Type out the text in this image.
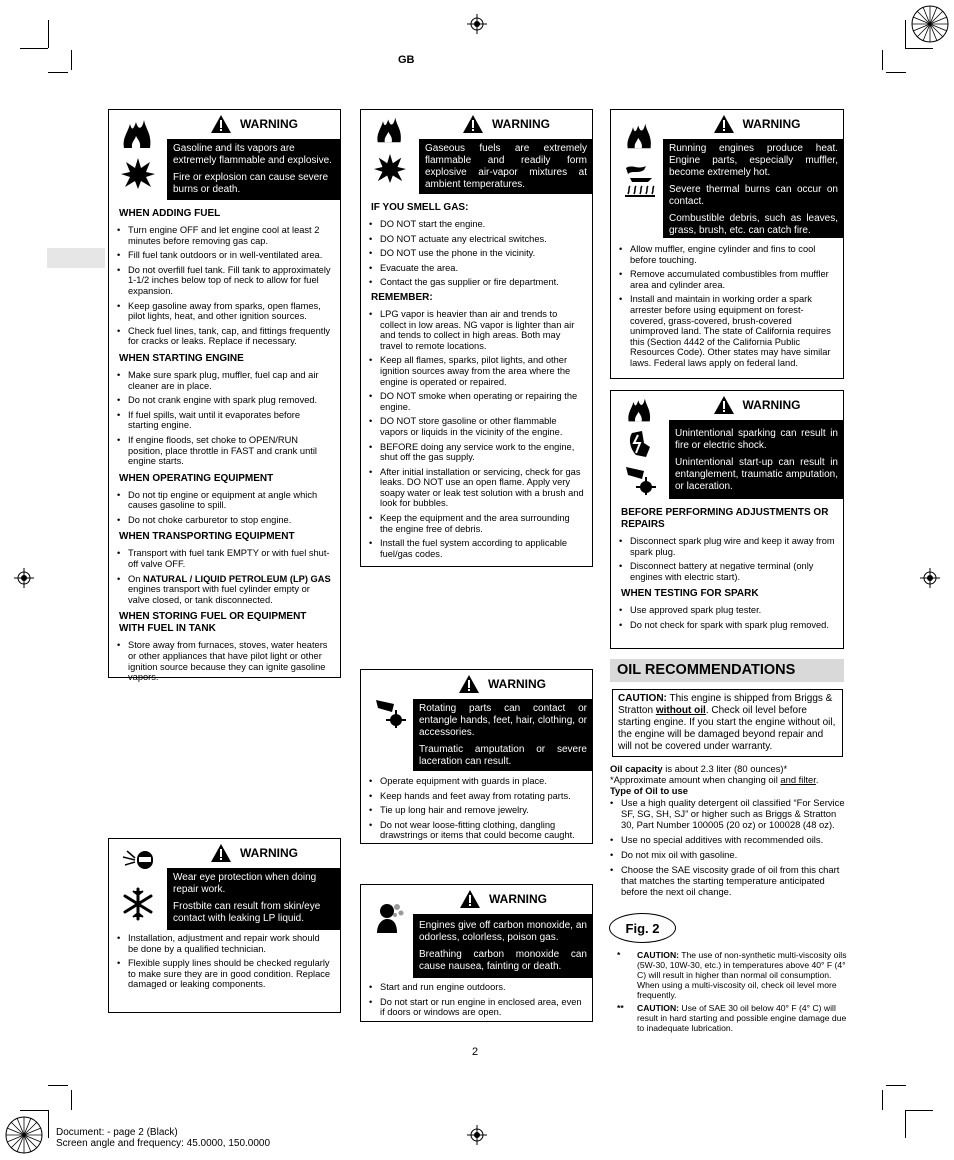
GB
WARNING

Gasoline and its vapors are extremely flammable and explosive.

Fire or explosion can cause severe burns or death.

WHEN ADDING FUEL
• Turn engine OFF and let engine cool at least 2 minutes before removing gas cap.
• Fill fuel tank outdoors or in well-ventilated area.
• Do not overfill fuel tank. Fill tank to approximately 1-1/2 inches below top of neck to allow for fuel expansion.
• Keep gasoline away from sparks, open flames, pilot lights, heat, and other ignition sources.
• Check fuel lines, tank, cap, and fittings frequently for cracks or leaks. Replace if necessary.
WHEN STARTING ENGINE
• Make sure spark plug, muffler, fuel cap and air cleaner are in place.
• Do not crank engine with spark plug removed.
• If fuel spills, wait until it evaporates before starting engine.
• If engine floods, set choke to OPEN/RUN position, place throttle in FAST and crank until engine starts.
WHEN OPERATING EQUIPMENT
• Do not tip engine or equipment at angle which causes gasoline to spill.
• Do not choke carburetor to stop engine.
WHEN TRANSPORTING EQUIPMENT
• Transport with fuel tank EMPTY or with fuel shut-off valve OFF.
• On NATURAL / LIQUID PETROLEUM (LP) GAS engines transport with fuel cylinder empty or valve closed, or tank disconnected.
WHEN STORING FUEL OR EQUIPMENT WITH FUEL IN TANK
• Store away from furnaces, stoves, water heaters or other appliances that have pilot light or other ignition source because they can ignite gasoline vapors.
WARNING

Gaseous fuels are extremely flammable and readily form explosive air-vapor mixtures at ambient temperatures.

IF YOU SMELL GAS:
• DO NOT start the engine.
• DO NOT actuate any electrical switches.
• DO NOT use the phone in the vicinity.
• Evacuate the area.
• Contact the gas supplier or fire department.
REMEMBER:
• LPG vapor is heavier than air and trends to collect in low areas. NG vapor is lighter than air and tends to collect in high areas. Both may travel to remote locations.
• Keep all flames, sparks, pilot lights, and other ignition sources away from the area where the engine is operated or repaired.
• DO NOT smoke when operating or repairing the engine.
• DO NOT store gasoline or other flammable vapors or liquids in the vicinity of the engine.
• BEFORE doing any service work to the engine, shut off the gas supply.
• After initial installation or servicing, check for gas leaks. DO NOT use an open flame. Apply very soapy water or leak test solution with a brush and look for bubbles.
• Keep the equipment and the area surrounding the engine free of debris.
• Install the fuel system according to applicable fuel/gas codes.
WARNING

Running engines produce heat. Engine parts, especially muffler, become extremely hot.

Severe thermal burns can occur on contact.

Combustible debris, such as leaves, grass, brush, etc. can catch fire.

• Allow muffler, engine cylinder and fins to cool before touching.
• Remove accumulated combustibles from muffler area and cylinder area.
• Install and maintain in working order a spark arrester before using equipment on forest-covered, grass-covered, brush-covered unimproved land. The state of California requires this (Section 4442 of the California Public Resources Code). Other states may have similar laws. Federal laws apply on federal land.
WARNING

Unintentional sparking can result in fire or electric shock.

Unintentional start-up can result in entanglement, traumatic amputation, or laceration.

BEFORE PERFORMING ADJUSTMENTS OR REPAIRS
• Disconnect spark plug wire and keep it away from spark plug.
• Disconnect battery at negative terminal (only engines with electric start).
WHEN TESTING FOR SPARK
• Use approved spark plug tester.
• Do not check for spark with spark plug removed.
WARNING

Rotating parts can contact or entangle hands, feet, hair, clothing, or accessories.

Traumatic amputation or severe laceration can result.

• Operate equipment with guards in place.
• Keep hands and feet away from rotating parts.
• Tie up long hair and remove jewelry.
• Do not wear loose-fitting clothing, dangling drawstrings or items that could become caught.
WARNING

Wear eye protection when doing repair work.

Frostbite can result from skin/eye contact with leaking LP liquid.

• Installation, adjustment and repair work should be done by a qualified technician.
• Flexible supply lines should be checked regularly to make sure they are in good condition. Replace damaged or leaking components.
WARNING

Engines give off carbon monoxide, an odorless, colorless, poison gas.

Breathing carbon monoxide can cause nausea, fainting or death.

• Start and run engine outdoors.
• Do not start or run engine in enclosed area, even if doors or windows are open.
OIL RECOMMENDATIONS
CAUTION: This engine is shipped from Briggs & Stratton without oil. Check oil level before starting engine. If you start the engine without oil, the engine will be damaged beyond repair and will not be covered under warranty.
Oil capacity is about 2.3 liter (80 ounces)*
*Approximate amount when changing oil and filter.
Type of Oil to use
• Use a high quality detergent oil classified “For Service SF, SG, SH, SJ” or higher such as Briggs & Stratton 30, Part Number 100005 (20 oz) or 100028 (48 oz).
• Use no special additives with recommended oils.
• Do not mix oil with gasoline.
• Choose the SAE viscosity grade of oil from this chart that matches the starting temperature anticipated before the next oil change.
Fig. 2
*	CAUTION: The use of non-synthetic multi-viscosity oils (5W-30, 10W-30, etc.) in temperatures above 40° F (4° C) will result in higher than normal oil consumption. When using a multi-viscosity oil, check oil level more frequently.
**	CAUTION: Use of SAE 30 oil below 40° F (4° C) will result in hard starting and possible engine damage due to inadequate lubrication.
2
Document: - page 2 (Black)
Screen angle and frequency: 45.0000, 150.0000
